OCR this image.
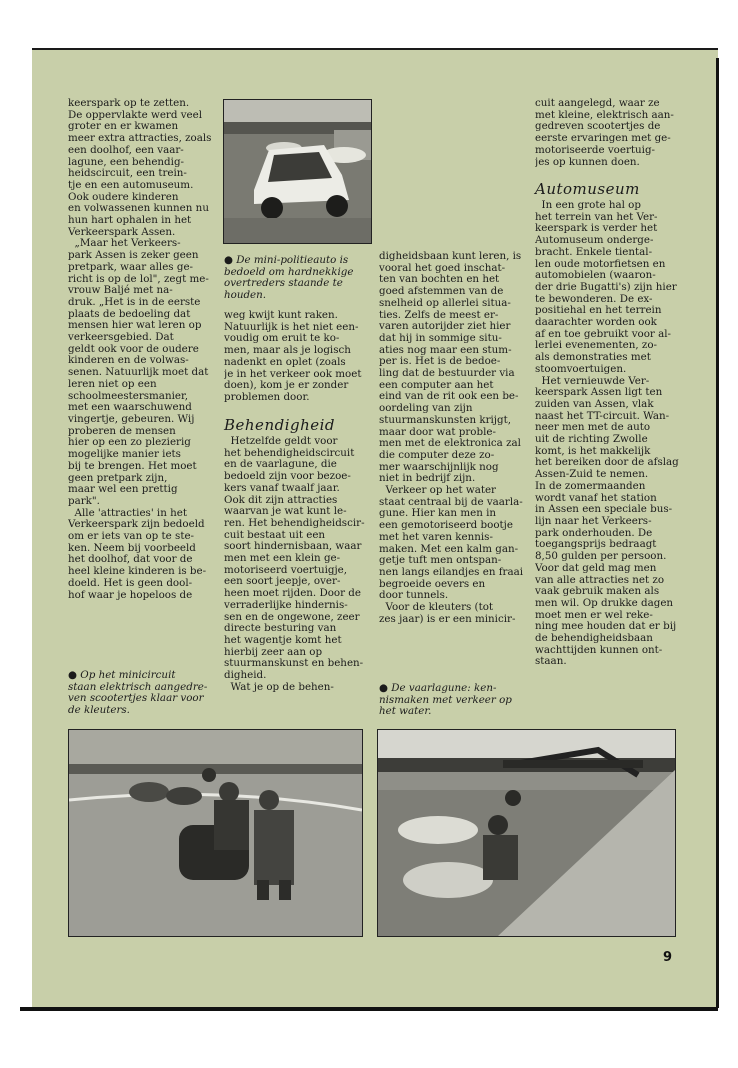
keerspark op te zetten.
De oppervlakte werd veel
groter en er kwamen
meer extra attracties, zoals
een doolhof, een vaar-
lagune, een behendig-
heidscircuit, een trein-
tje en een automuseum.
Ook oudere kinderen
en volwassenen kunnen nu
hun hart ophalen in het
Verkeerspark Assen.
„Maar het Verkeers-
park Assen is zeker geen
pretpark, waar alles ge-
richt is op de lol", zegt me-
vrouw Baljé met na-
druk. „Het is in de eerste
plaats de bedoeling dat
mensen hier wat leren op
verkeersgebied. Dat
geldt ook voor de oudere
kinderen en de volwas-
senen. Natuurlijk moet dat
leren niet op een
schoolmeestersmanier,
met een waarschuwend
vingertje, gebeuren. Wij
proberen de mensen
hier op een zo plezierig
mogelijke manier iets
bij te brengen. Het moet
geen pretpark zijn,
maar wel een prettig
park".
Alle 'attracties' in het
Verkeerspark zijn bedoeld
om er iets van op te ste-
ken. Neem bij voorbeeld
het doolhof, dat voor de
heel kleine kinderen is be-
doeld. Het is geen dool-
hof waar je hopeloos de
● Op het minicircuit
staan elektrisch aangedre-
ven scootertjes klaar voor
de kleuters.
● De mini-politieauto is
bedoeld om hardnekkige
overtreders staande te
houden.
weg kwijt kunt raken.
Natuurlijk is het niet een-
voudig om eruit te ko-
men, maar als je logisch
nadenkt en oplet (zoals
je in het verkeer ook moet
doen), kom je er zonder
problemen door.
Behendigheid
Hetzelfde geldt voor
het behendigheidscircuit
en de vaarlagune, die
bedoeld zijn voor bezoe-
kers vanaf twaalf jaar.
Ook dit zijn attracties
waarvan je wat kunt le-
ren. Het behendigheidscir-
cuit bestaat uit een
soort hindernisbaan, waar
men met een klein ge-
motoriseerd voertuigje,
een soort jeepje, over-
heen moet rijden. Door de
verraderlijke hindernis-
sen en de ongewone, zeer
directe besturing van
het wagentje komt het
hierbij zeer aan op
stuurmanskunst en behen-
digheid.
Wat je op de behen-
digheidsbaan kunt leren, is
vooral het goed inschat-
ten van bochten en het
goed afstemmen van de
snelheid op allerlei situa-
ties. Zelfs de meest er-
varen autorijder ziet hier
dat hij in sommige situ-
aties nog maar een stum-
per is. Het is de bedoe-
ling dat de bestuurder via
een computer aan het
eind van de rit ook een be-
oordeling van zijn
stuurmanskunsten krijgt,
maar door wat proble-
men met de elektronica zal
die computer deze zo-
mer waarschijnlijk nog
niet in bedrijf zijn.
Verkeer op het water
staat centraal bij de vaarla-
gune. Hier kan men in
een gemotoriseerd bootje
met het varen kennis-
maken. Met een kalm gan-
getje tuft men ontspan-
nen langs eilandjes en fraai
begroeide oevers en
door tunnels.
Voor de kleuters (tot
zes jaar) is er een minicir-
● De vaarlagune: ken-
nismaken met verkeer op
het water.
cuit aangelegd, waar ze
met kleine, elektrisch aan-
gedreven scootertjes de
eerste ervaringen met ge-
motoriseerde voertuig-
jes op kunnen doen.
Automuseum
In een grote hal op
het terrein van het Ver-
keerspark is verder het
Automuseum onderge-
bracht. Enkele tiental-
len oude motorfietsen en
automobielen (waaron-
der drie Bugatti's) zijn hier
te bewonderen. De ex-
positiehal en het terrein
daarachter worden ook
af en toe gebruikt voor al-
lerlei evenementen, zo-
als demonstraties met
stoomvoertuigen.
Het vernieuwde Ver-
keerspark Assen ligt ten
zuiden van Assen, vlak
naast het TT-circuit. Wan-
neer men met de auto
uit de richting Zwolle
komt, is het makkelijk
het bereiken door de afslag
Assen-Zuid te nemen.
In de zomermaanden
wordt vanaf het station
in Assen een speciale bus-
lijn naar het Verkeers-
park onderhouden. De
toegangsprijs bedraagt
8,50 gulden per persoon.
Voor dat geld mag men
van alle attracties net zo
vaak gebruik maken als
men wil. Op drukke dagen
moet men er wel reke-
ning mee houden dat er bij
de behendigheidsbaan
wachttijden kunnen ont-
staan.
9
